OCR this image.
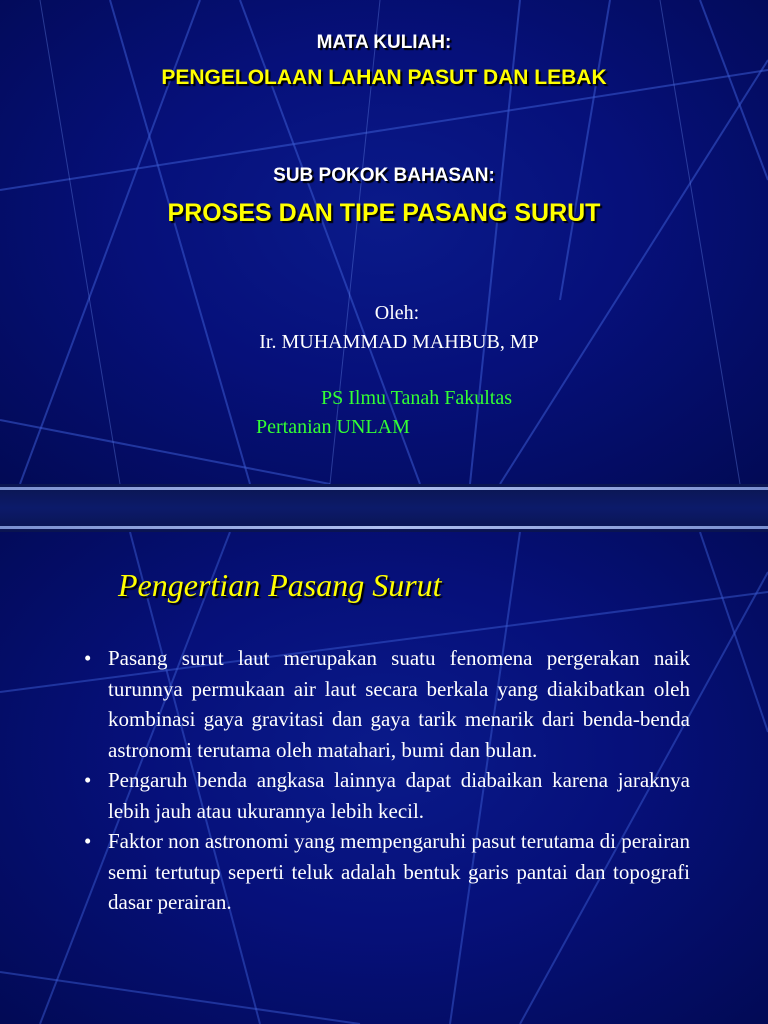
MATA KULIAH:
PENGELOLAAN LAHAN PASUT DAN LEBAK
SUB POKOK BAHASAN:
PROSES DAN TIPE PASANG SURUT
Oleh:
Ir. MUHAMMAD MAHBUB, MP
PS Ilmu Tanah Fakultas
Pertanian UNLAM
Pengertian Pasang Surut
• Pasang surut laut merupakan suatu fenomena pergerakan naik turunnya permukaan air laut secara berkala yang diakibatkan oleh kombinasi gaya gravitasi dan gaya tarik menarik dari benda-benda astronomi terutama oleh matahari, bumi dan bulan.
• Pengaruh benda angkasa lainnya dapat diabaikan karena jaraknya lebih jauh atau ukurannya lebih kecil.
• Faktor non astronomi yang mempengaruhi pasut terutama di perairan semi tertutup seperti teluk adalah bentuk garis pantai dan topografi dasar perairan.
